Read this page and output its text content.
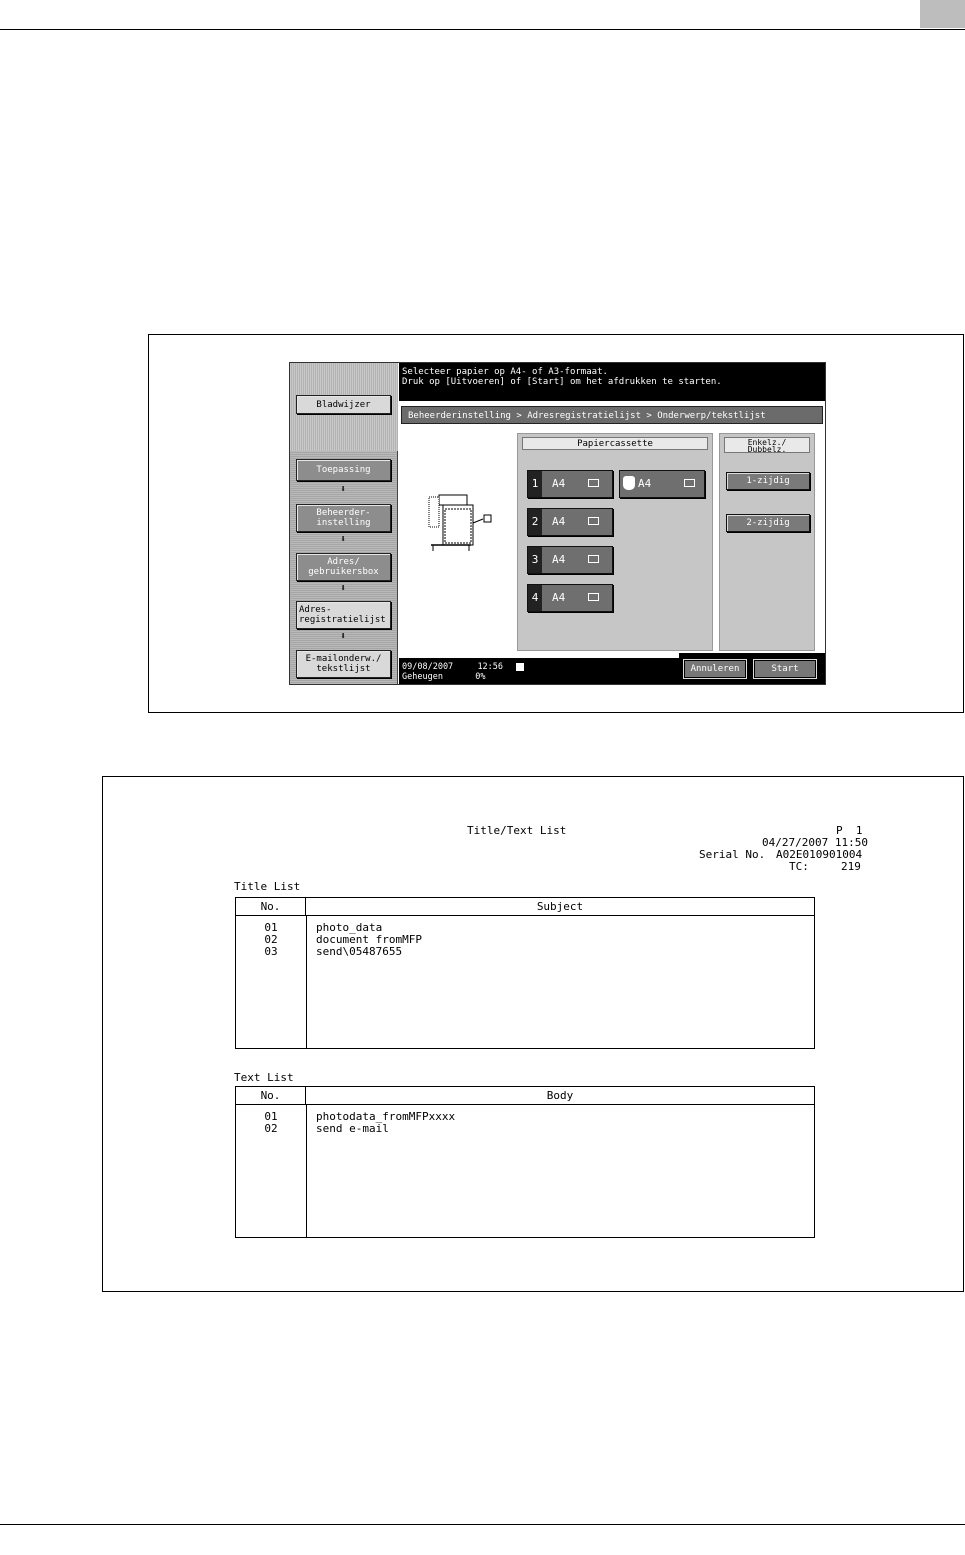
Bladwijzer
Toepassing
⬇
Beheerder-
instelling
⬇
Adres/
gebruikersbox
⬇
Adres-
registratielijst
⬇
E-mailonderw./
tekstlijst
Selecteer papier op A4- of A3-formaat.
Druk op [Uitvoeren] of [Start] om het afdrukken te starten.
Beheerderinstelling > Adresregistratielijst > Onderwerp/tekstlijst
Papiercassette
1	A4	A4
2	A4
3	A4
4	A4
Enkelz./
Dubbelz.
1-zijdig
2-zijdig
09/08/2007	12:56
Geheugen	0%
Annuleren	Start
Title/Text List	P  1
04/27/2007 11:50
Serial No. A02E010901004
TC:	219
Title List
No.	Subject
01	photo_data
02	document fromMFP
03	send\05487655
Text List
No.	Body
01	photodata_fromMFPxxxx
02	send e-mail
